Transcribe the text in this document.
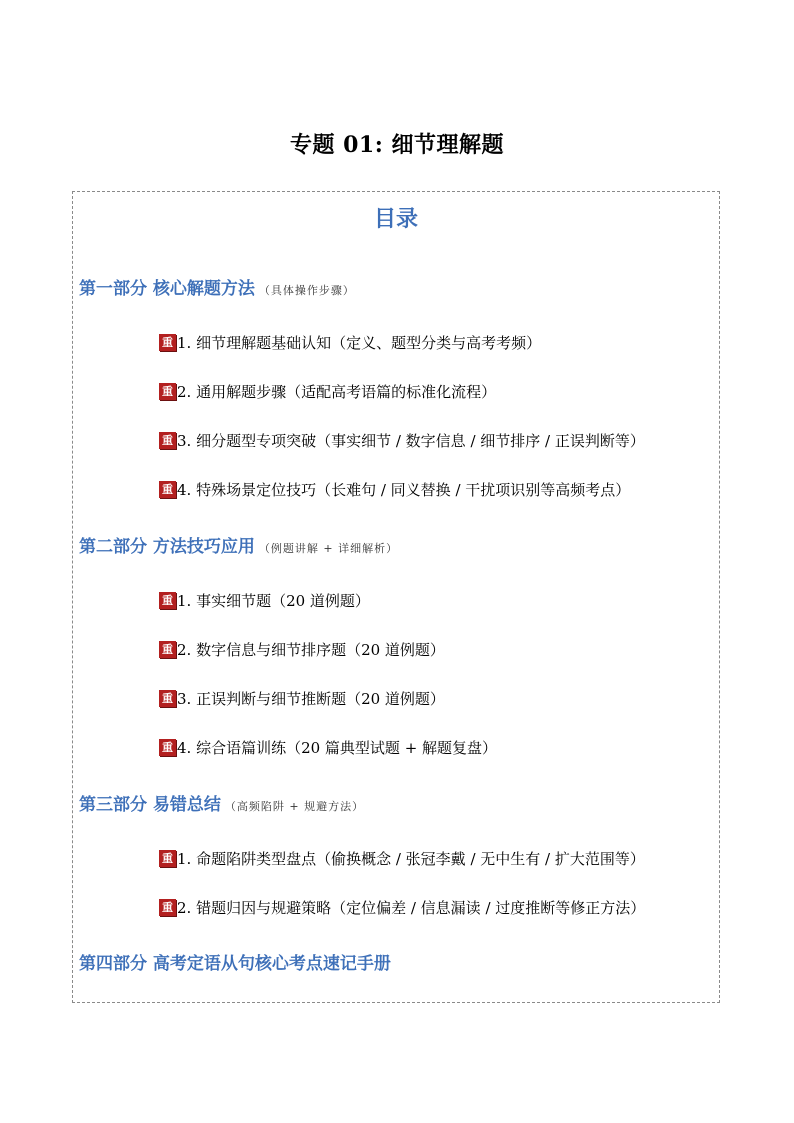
专题 01: 细节理解题
目录
第一部分 核心解题方法 （具体操作步骤）
重 1. 细节理解题基础认知（定义、题型分类与高考考频）
重 2. 通用解题步骤（适配高考语篇的标准化流程）
重 3. 细分题型专项突破（事实细节 / 数字信息 / 细节排序 / 正误判断等）
重 4. 特殊场景定位技巧（长难句 / 同义替换 / 干扰项识别等高频考点）
第二部分 方法技巧应用 （例题讲解 + 详细解析）
重 1. 事实细节题（20 道例题）
重 2. 数字信息与细节排序题（20 道例题）
重 3. 正误判断与细节推断题（20 道例题）
重 4. 综合语篇训练（20 篇典型试题 + 解题复盘）
第三部分 易错总结 （高频陷阱 + 规避方法）
重 1. 命题陷阱类型盘点（偷换概念 / 张冠李戴 / 无中生有 / 扩大范围等）
重 2. 错题归因与规避策略（定位偏差 / 信息漏读 / 过度推断等修正方法）
第四部分 高考定语从句核心考点速记手册
